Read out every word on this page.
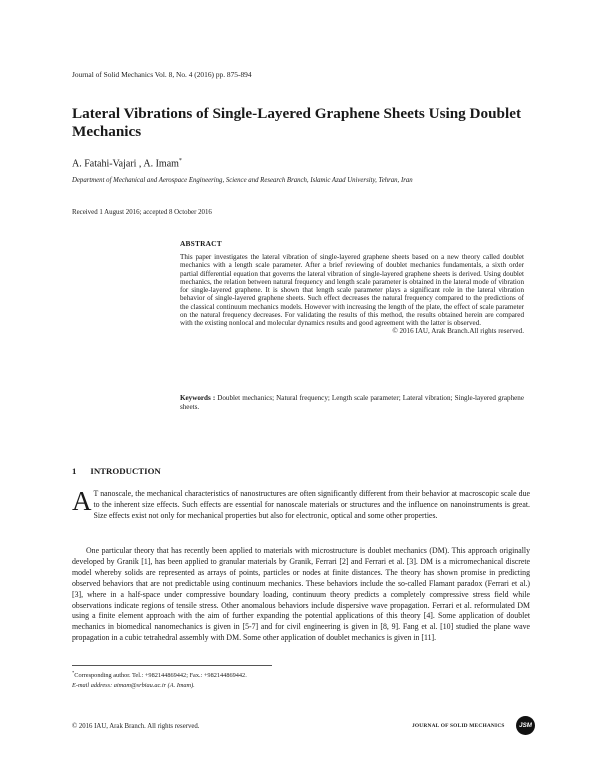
Journal of Solid Mechanics Vol. 8, No. 4 (2016) pp. 875-894
Lateral Vibrations of Single-Layered Graphene Sheets Using Doublet Mechanics
A. Fatahi-Vajari , A. Imam*
Department of Mechanical and Aerospace Engineering, Science and Research Branch, Islamic Azad University, Tehran, Iran
Received 1 August 2016; accepted 8 October 2016
ABSTRACT
This paper investigates the lateral vibration of single-layered graphene sheets based on a new theory called doublet mechanics with a length scale parameter. After a brief reviewing of doublet mechanics fundamentals, a sixth order partial differential equation that governs the lateral vibration of single-layered graphene sheets is derived. Using doublet mechanics, the relation between natural frequency and length scale parameter is obtained in the lateral mode of vibration for single-layered graphene. It is shown that length scale parameter plays a significant role in the lateral vibration behavior of single-layered graphene sheets. Such effect decreases the natural frequency compared to the predictions of the classical continuum mechanics models. However with increasing the length of the plate, the effect of scale parameter on the natural frequency decreases. For validating the results of this method, the results obtained herein are compared with the existing nonlocal and molecular dynamics results and good agreement with the latter is observed.
© 2016 IAU, Arak Branch.All rights reserved.
Keywords : Doublet mechanics; Natural frequency; Length scale parameter; Lateral vibration; Single-layered graphene sheets.
1 INTRODUCTION
A T nanoscale, the mechanical characteristics of nanostructures are often significantly different from their behavior at macroscopic scale due to the inherent size effects. Such effects are essential for nanoscale materials or structures and the influence on nanoinstruments is great. Size effects exist not only for mechanical properties but also for electronic, optical and some other properties.
One particular theory that has recently been applied to materials with microstructure is doublet mechanics (DM). This approach originally developed by Granik [1], has been applied to granular materials by Granik, Ferrari [2] and Ferrari et al. [3]. DM is a micromechanical discrete model whereby solids are represented as arrays of points, particles or nodes at finite distances. The theory has shown promise in predicting observed behaviors that are not predictable using continuum mechanics. These behaviors include the so-called Flamant paradox (Ferrari et al.) [3], where in a half-space under compressive boundary loading, continuum theory predicts a completely compressive stress field while observations indicate regions of tensile stress. Other anomalous behaviors include dispersive wave propagation. Ferrari et al. reformulated DM using a finite element approach with the aim of further expanding the potential applications of this theory [4]. Some application of doublet mechanics in biomedical nanomechanics is given in [5-7] and for civil engineering is given in [8, 9]. Fang et al. [10] studied the plane wave propagation in a cubic tetrahedral assembly with DM. Some other application of doublet mechanics is given in [11].
*Corresponding author. Tel.: +982144869442; Fax.: +982144869442.
E-mail address: aimam@srbiau.ac.ir (A. Imam).
© 2016 IAU, Arak Branch. All rights reserved.	JOURNAL OF SOLID MECHANICS	JSM
